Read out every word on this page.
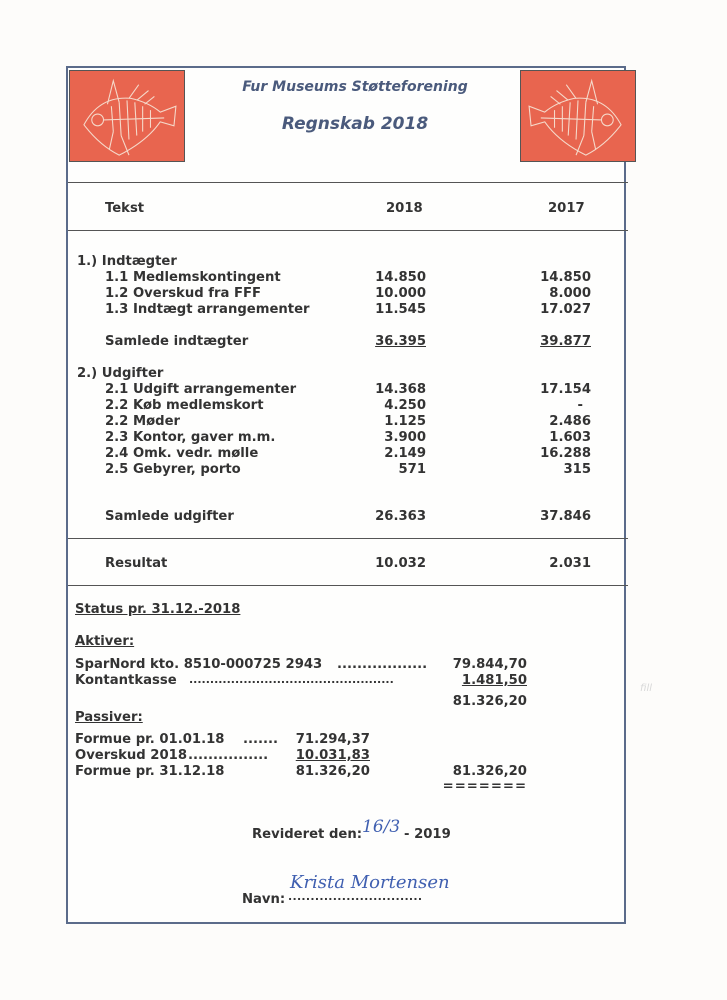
Fur Museums Støtteforening
Regnskab 2018
Tekst	2018	2017
1.) Indtægter
1.1 Medlemskontingent	14.850	14.850
1.2 Overskud fra FFF	10.000	8.000
1.3 Indtægt arrangementer	11.545	17.027
Samlede indtægter	36.395	39.877
2.) Udgifter
2.1 Udgift arrangementer	14.368	17.154
2.2 Køb medlemskort	4.250	-
2.2 Møder	1.125	2.486
2.3 Kontor, gaver m.m.	3.900	1.603
2.4 Omk. vedr. mølle	2.149	16.288
2.5 Gebyrer, porto	571	315
Samlede udgifter	26.363	37.846
Resultat	10.032	2.031
Status pr. 31.12.-2018
Aktiver:
SparNord kto. 8510-000725 2943 ..................	79.844,70
Kontantkasse .................................................	1.481,50
81.326,20
Passiver:
Formue pr. 01.01.18 .......	71.294,37
Overskud 2018 ................	10.031,83
Formue pr. 31.12.18	81.326,20	81.326,20
=======
Revideret den: 16/3 - 2019
Navn: ..............................
Krista Mortensen
fill
